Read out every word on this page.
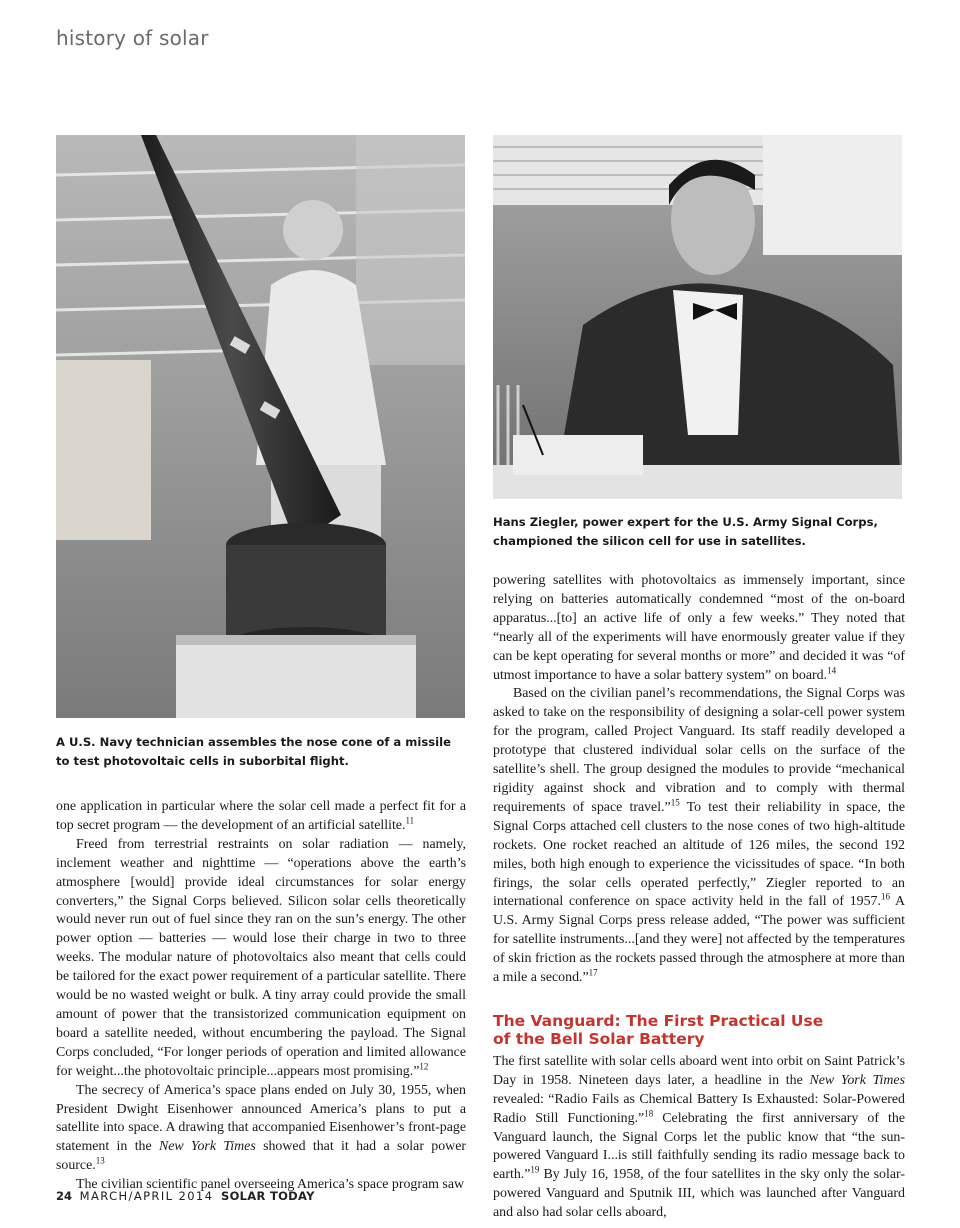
history of solar
A U.S. Navy technician assembles the nose cone of a missile to test photovoltaic cells in suborbital flight.
Hans Ziegler, power expert for the U.S. Army Signal Corps, championed the silicon cell for use in satellites.

one application in particular where the solar cell made a perfect fit for a top secret program — the development of an artificial satellite.$^{11}$

Freed from terrestrial restraints on solar radiation — namely, inclement weather and nighttime — “operations above the earth’s atmosphere [would] provide ideal circumstances for solar energy converters,” the Signal Corps believed. Silicon solar cells theoretically would never run out of fuel since they ran on the sun’s energy. The other power option — batteries — would lose their charge in two to three weeks. The modular nature of photovoltaics also meant that cells could be tailored for the exact power requirement of a particular satellite. There would be no wasted weight or bulk. A tiny array could provide the small amount of power that the transistorized communication equipment on board a satellite needed, without encumbering the payload. The Signal Corps concluded, “For longer periods of operation and limited allowance for weight...the photovoltaic principle...appears most promising.”$^{12}$

The secrecy of America’s space plans ended on July 30, 1955, when President Dwight Eisenhower announced America’s plans to put a satellite into space. A drawing that accompanied Eisenhower’s front-page statement in the New York Times showed that it had a solar power source.$^{13}$

The civilian scientific panel overseeing America’s space program saw

powering satellites with photovoltaics as immensely important, since relying on batteries automatically condemned “most of the on-board apparatus...[to] an active life of only a few weeks.” They noted that “nearly all of the experiments will have enormously greater value if they can be kept operating for several months or more” and decided it was “of utmost importance to have a solar battery system” on board.$^{14}$

Based on the civilian panel’s recommendations, the Signal Corps was asked to take on the responsibility of designing a solar-cell power system for the program, called Project Vanguard. Its staff readily developed a prototype that clustered individual solar cells on the surface of the satellite’s shell. The group designed the modules to provide “mechanical rigidity against shock and vibration and to comply with thermal requirements of space travel.”$^{15}$ To test their reliability in space, the Signal Corps attached cell clusters to the nose cones of two high-altitude rockets. One rocket reached an altitude of 126 miles, the second 192 miles, both high enough to experience the vicissitudes of space. “In both firings, the solar cells operated perfectly,” Ziegler reported to an international conference on space activity held in the fall of 1957.16 A U.S. Army Signal Corps press release added, “The power was sufficient for satellite instruments...[and they were] not affected by the temperatures of skin friction as the rockets passed through the atmosphere at more than a mile a second.”$^{17}$

The Vanguard: The First Practical Use
of the Bell Solar Battery

The first satellite with solar cells aboard went into orbit on Saint Patrick’s Day in 1958. Nineteen days later, a headline in the New York Times revealed: “Radio Fails as Chemical Battery Is Exhausted: Solar-Powered Radio Still Functioning.”$^{18}$ Celebrating the first anniversary of the Vanguard launch, the Signal Corps let the public know that “the sun-powered Vanguard I...is still faithfully sending its radio message back to earth.”$^{19}$ By July 16, 1958, of the four satellites in the sky only the solar-powered Vanguard and Sputnik III, which was launched after Vanguard and also had solar cells aboard,

24 MARCH/APRIL 2014 SOLAR TODAY
